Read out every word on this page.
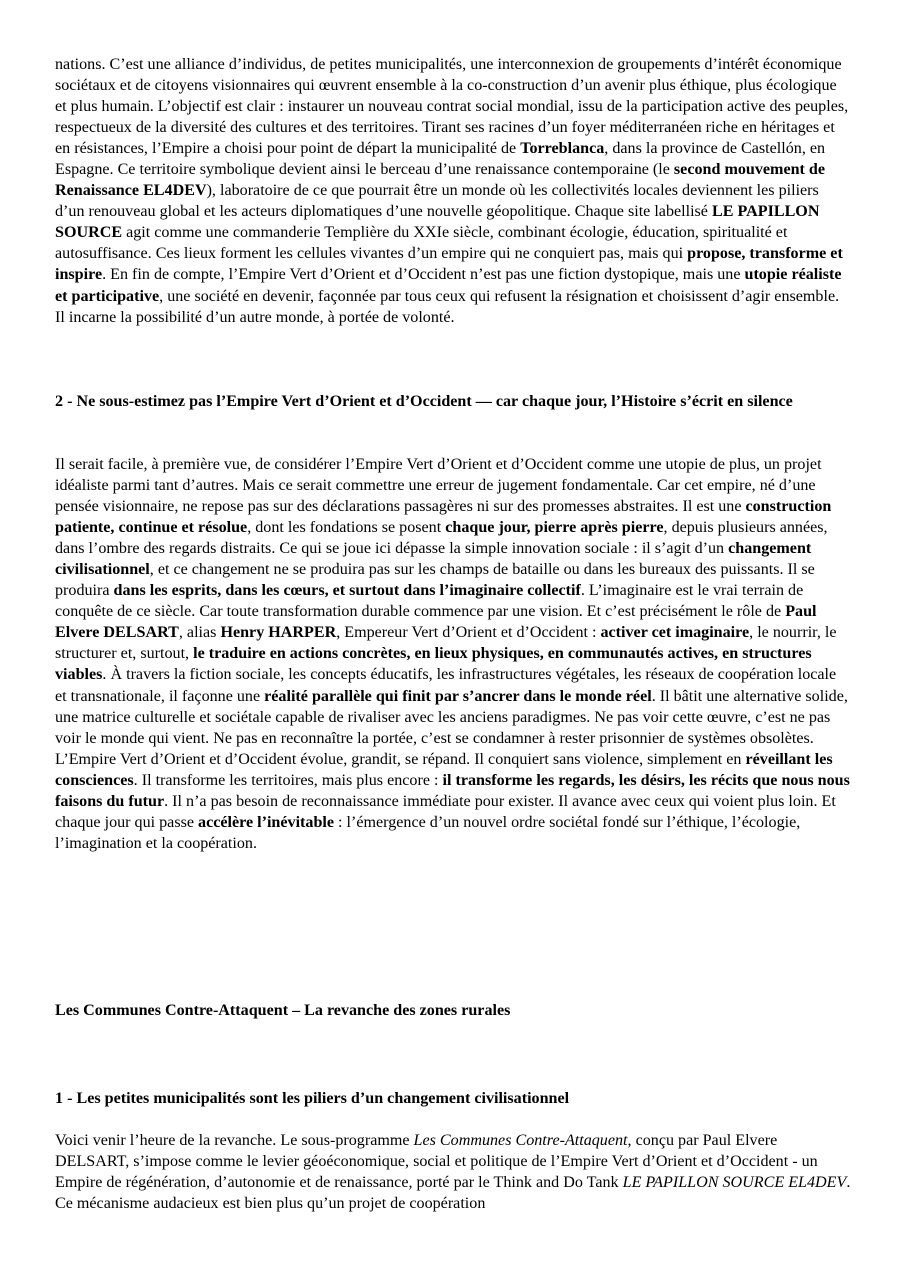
nations. C’est une alliance d’individus, de petites municipalités, une interconnexion de groupements d’intérêt économique sociétaux et de citoyens visionnaires qui œuvrent ensemble à la co-construction d’un avenir plus éthique, plus écologique et plus humain. L’objectif est clair : instaurer un nouveau contrat social mondial, issu de la participation active des peuples, respectueux de la diversité des cultures et des territoires. Tirant ses racines d’un foyer méditerranéen riche en héritages et en résistances, l’Empire a choisi pour point de départ la municipalité de Torreblanca, dans la province de Castellón, en Espagne. Ce territoire symbolique devient ainsi le berceau d’une renaissance contemporaine (le second mouvement de Renaissance EL4DEV), laboratoire de ce que pourrait être un monde où les collectivités locales deviennent les piliers d’un renouveau global et les acteurs diplomatiques d’une nouvelle géopolitique. Chaque site labellisé LE PAPILLON SOURCE agit comme une commanderie Templière du XXIe siècle, combinant écologie, éducation, spiritualité et autosuffisance. Ces lieux forment les cellules vivantes d’un empire qui ne conquiert pas, mais qui propose, transforme et inspire. En fin de compte, l’Empire Vert d’Orient et d’Occident n’est pas une fiction dystopique, mais une utopie réaliste et participative, une société en devenir, façonnée par tous ceux qui refusent la résignation et choisissent d’agir ensemble. Il incarne la possibilité d’un autre monde, à portée de volonté.

2 - Ne sous-estimez pas l’Empire Vert d’Orient et d’Occident — car chaque jour, l’Histoire s’écrit en silence

Il serait facile, à première vue, de considérer l’Empire Vert d’Orient et d’Occident comme une utopie de plus, un projet idéaliste parmi tant d’autres. Mais ce serait commettre une erreur de jugement fondamentale. Car cet empire, né d’une pensée visionnaire, ne repose pas sur des déclarations passagères ni sur des promesses abstraites. Il est une construction patiente, continue et résolue, dont les fondations se posent chaque jour, pierre après pierre, depuis plusieurs années, dans l’ombre des regards distraits. Ce qui se joue ici dépasse la simple innovation sociale : il s’agit d’un changement civilisationnel, et ce changement ne se produira pas sur les champs de bataille ou dans les bureaux des puissants. Il se produira dans les esprits, dans les cœurs, et surtout dans l’imaginaire collectif. L’imaginaire est le vrai terrain de conquête de ce siècle. Car toute transformation durable commence par une vision. Et c’est précisément le rôle de Paul Elvere DELSART, alias Henry HARPER, Empereur Vert d’Orient et d’Occident : activer cet imaginaire, le nourrir, le structurer et, surtout, le traduire en actions concrètes, en lieux physiques, en communautés actives, en structures viables. À travers la fiction sociale, les concepts éducatifs, les infrastructures végétales, les réseaux de coopération locale et transnationale, il façonne une réalité parallèle qui finit par s’ancrer dans le monde réel. Il bâtit une alternative solide, une matrice culturelle et sociétale capable de rivaliser avec les anciens paradigmes. Ne pas voir cette œuvre, c’est ne pas voir le monde qui vient. Ne pas en reconnaître la portée, c’est se condamner à rester prisonnier de systèmes obsolètes. L’Empire Vert d’Orient et d’Occident évolue, grandit, se répand. Il conquiert sans violence, simplement en réveillant les consciences. Il transforme les territoires, mais plus encore : il transforme les regards, les désirs, les récits que nous nous faisons du futur. Il n’a pas besoin de reconnaissance immédiate pour exister. Il avance avec ceux qui voient plus loin. Et chaque jour qui passe accélère l’inévitable : l’émergence d’un nouvel ordre sociétal fondé sur l’éthique, l’écologie, l’imagination et la coopération.

Les Communes Contre-Attaquent – La revanche des zones rurales
1 - Les petites municipalités sont les piliers d’un changement civilisationnel

Voici venir l’heure de la revanche. Le sous-programme Les Communes Contre-Attaquent, conçu par Paul Elvere DELSART, s’impose comme le levier géoéconomique, social et politique de l’Empire Vert d’Orient et d’Occident - un Empire de régénération, d’autonomie et de renaissance, porté par le Think and Do Tank LE PAPILLON SOURCE EL4DEV. Ce mécanisme audacieux est bien plus qu’un projet de coopération
